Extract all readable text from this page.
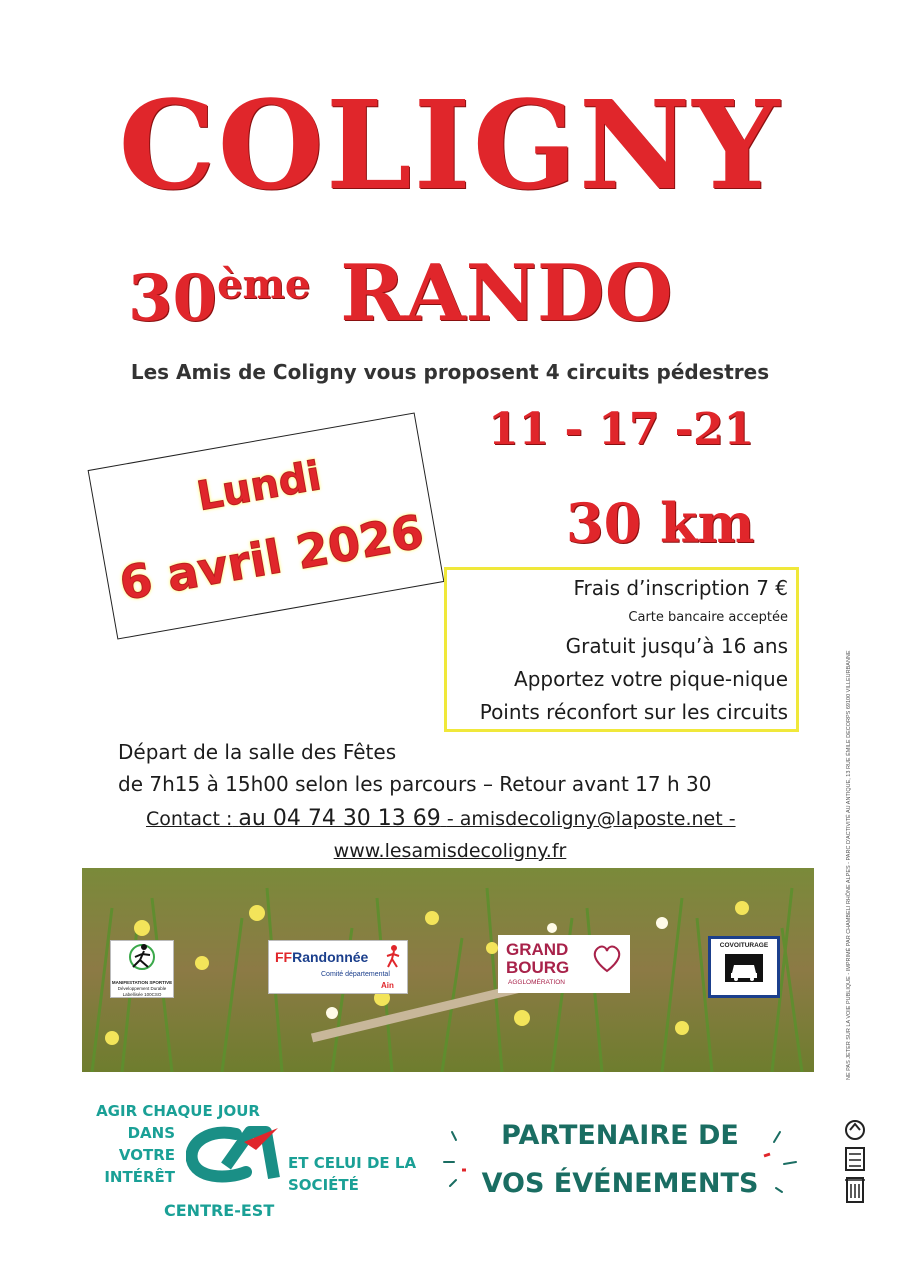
COLIGNY
30ème RANDO
Les Amis de Coligny vous proposent 4 circuits pédestres
11 - 17 -21
30 km
Lundi
6 avril 2026	Frais d’inscription 7 €
Carte bancaire acceptée
Gratuit jusqu’à 16 ans
Apportez votre pique-nique
Points réconfort sur les circuits
Départ de la salle des Fêtes
de 7h15 à 15h00 selon les parcours – Retour avant 17 h 30
Contact : au 04 74 30 13 69 - amisdecoligny@laposte.net -
www.lesamisdecoligny.fr
MANIFESTATION SPORTIVE
Développement Durable
Labellisée 100CSO
FFRandonnée
Comité départemental
Ain
GRAND
BOURG
AGGLOMÉRATION
COVOITURAGE
AGIR CHAQUE JOUR
DANS VOTRE
INTÉRÊT
ET CELUI DE LA
SOCIÉTÉ
CENTRE-EST
PARTENAIRE DE
VOS ÉVÉNEMENTS
NE PAS JETER SUR LA VOIE PUBLIQUE - IMPRIMÉ PAR CHAMBELI RHÔNE ALPES - PARC D'ACTIVITÉ AU ANTIQUE, 13 RUE ÉMILE DECORPS 69100 VILLEURBANNE
